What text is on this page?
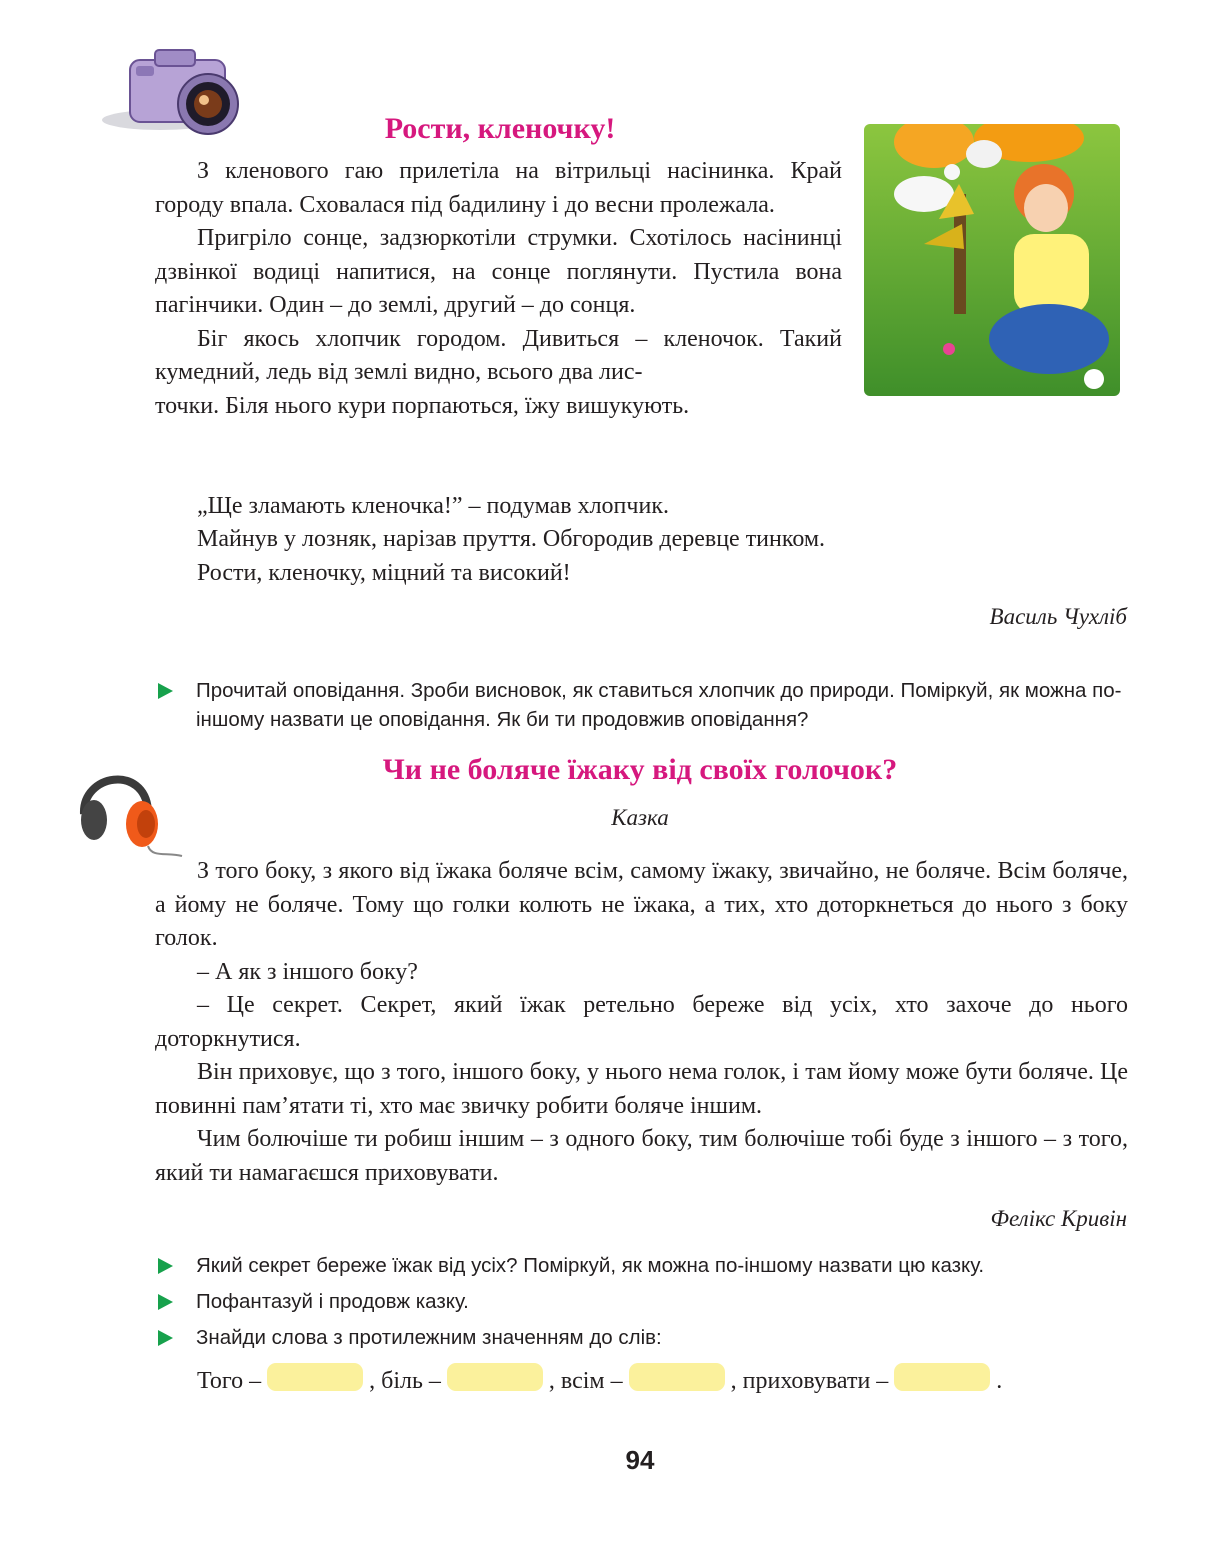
Рости, кленочку!

З кленового гаю прилетіла на вітрильці насінинка. Край городу впала. Сховалася під бадилину і до весни пролежала.

Пригріло сонце, задзюркотіли струмки. Схотілось насінинці дзвінкої водиці напитися, на сонце поглянути. Пустила вона пагінчики. Один – до землі, другий – до сонця.

Біг якось хлопчик городом. Дивиться – кленочок. Такий кумедний, ледь від землі видно, всього два лис-

точки. Біля нього кури порпаються, їжу вишукують.

„Ще зламають кленочка!” – подумав хлопчик.
Майнув у лозняк, нарізав пруття. Обгородив деревце тинком.
Рости, кленочку, міцний та високий!
Василь Чухліб
Прочитай оповідання. Зроби висновок, як ставиться хлопчик до природи. Поміркуй, як можна по-іншому назвати це оповідання. Як би ти продовжив оповідання?
Чи не боляче їжаку від своїх голочок?
Казка

З того боку, з якого від їжака боляче всім, самому їжаку, звичайно, не боляче. Всім боляче, а йому не боляче. Тому що голки колють не їжака, а тих, хто доторкнеться до нього з боку голок.

– А як з іншого боку?

– Це секрет. Секрет, який їжак ретельно береже від усіх, хто захоче до нього доторкнутися.

Він приховує, що з того, іншого боку, у нього нема голок, і там йому може бути боляче. Це повинні пам’ятати ті, хто має звичку робити боляче іншим.

Чим болючіше ти робиш іншим – з одного боку, тим болючіше тобі буде з іншого – з того, який ти намагаєшся приховувати.

Фелікс Кривін
Який секрет береже їжак від усіх? Поміркуй, як можна по-іншому назвати цю казку.
Пофантазуй і продовж казку.
Знайди слова з протилежним значенням до слів:
Того –	, біль –	, всім –	, приховувати –	.
94
